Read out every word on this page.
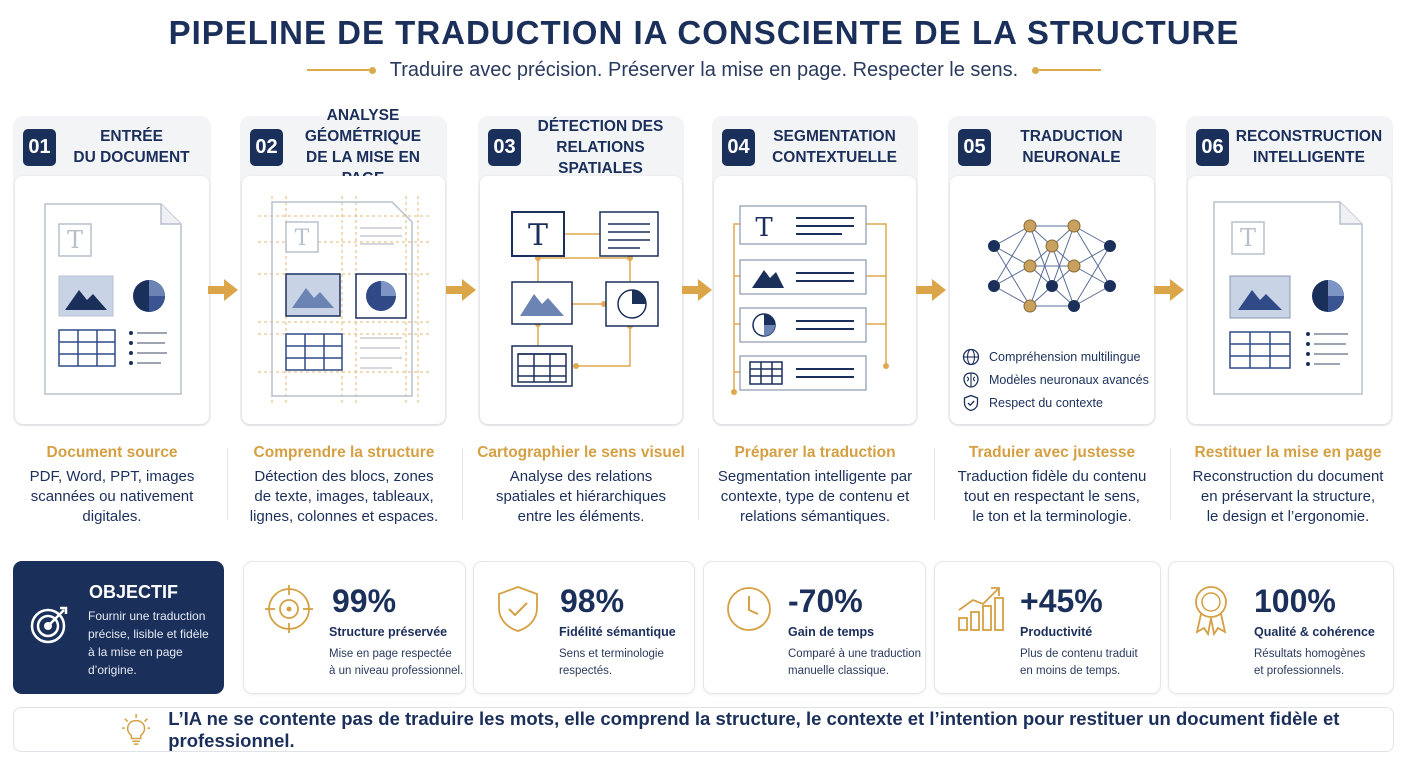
PIPELINE DE TRADUCTION IA CONSCIENTE DE LA STRUCTURE
Traduire avec précision. Préserver la mise en page. Respecter le sens.
01	ENTRÉE
DU DOCUMENT
T
02
ANALYSE GÉOMÉTRIQUE
DE LA MISE EN
T
03
DÉTECTION DES
RELATIONS SPATIALES
T
04	SEGMENTATION
CONTEXTUELLE
T
05	TRADUCTION
NEURONALE
Compréhension multilingue
Modèles neuronaux avancés
Respect du contexte
06 RECONSTRUCTION
INTELLIGENTE
T
Document source
PDF, Word, PPT, images
scannées ou nativement
digitales.
Comprendre la structure
Détection des blocs, zones
de texte, images, tableaux,
lignes, colonnes et espaces.
Cartographier le sens visuel
Analyse des relations
spatiales et hiérarchiques
entre les éléments.
Préparer la traduction
Segmentation intelligente par
contexte, type de contenu et
relations sémantiques.
Traduier avec justesse
Traduction fidèle du contenu
tout en respectant le sens,
le ton et la terminologie.
Restituer la mise en page
Reconstruction du document
en préservant la structure,
le design et l’ergonomie.
OBJECTIF
Fournir une traduction
précise, lisible et fidèle
à la mise en page
d’origine.
99%
Structure préservée
Mise en page respectée
à un niveau professionnel.
98%
Fidélité sémantique
Sens et terminologie
respectés.
-70%
Gain de temps
Comparé à une traduction
manuelle classique.
+45%
Productivité
Plus de contenu traduit
en moins de temps.
100%
Qualité & cohérence
Résultats homogènes
et professionnels.
L’IA ne se contente pas de traduire les mots, elle comprend la structure, le contexte et l’intention pour restituer un document fidèle et professionnel.
